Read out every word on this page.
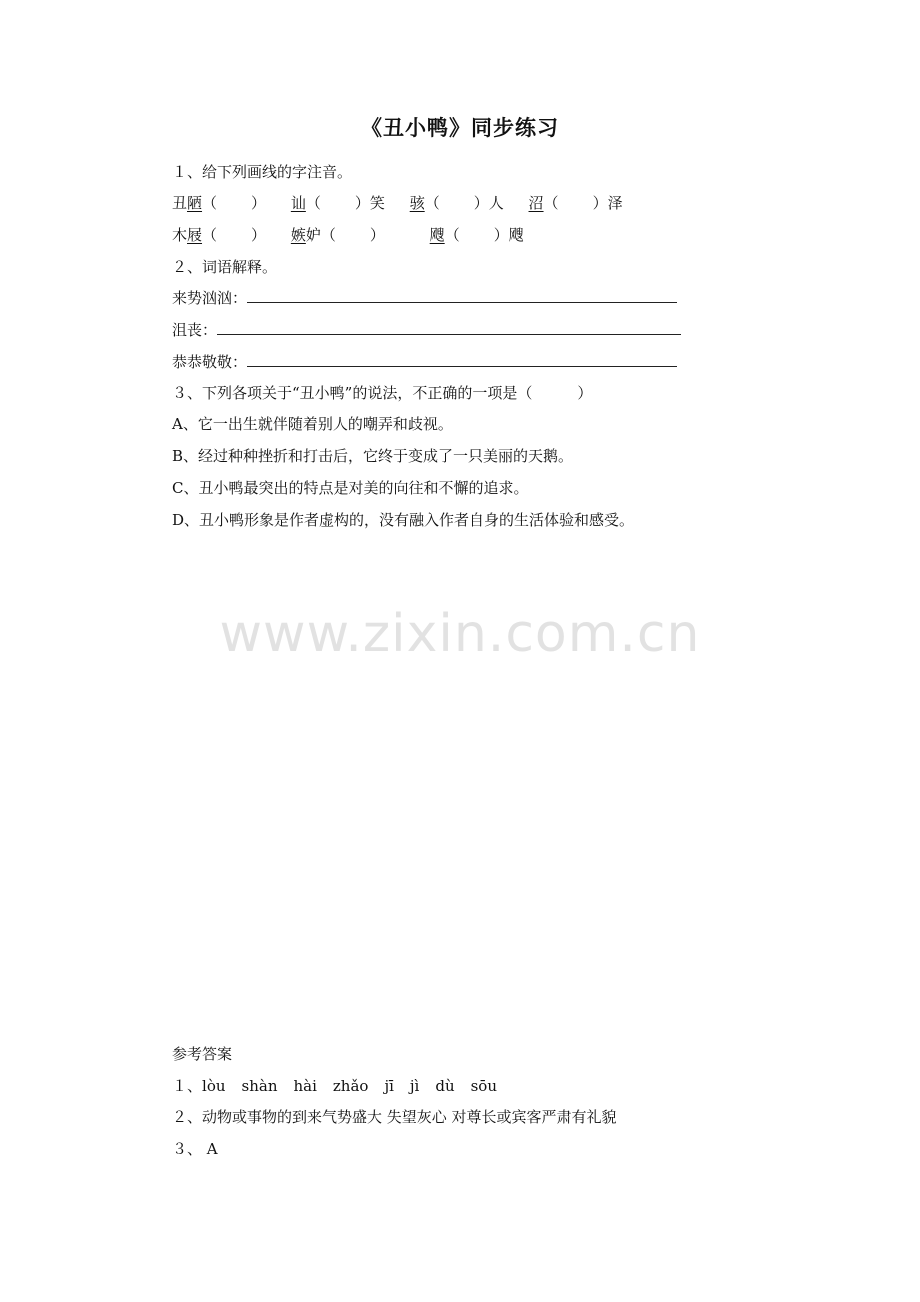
《丑小鸭》同步练习
１、给下列画线的字注音。
丑陋（ ） 讪（ ）笑 骇（ ）人 沼（ ）泽
木屐（ ） 嫉妒（ ）	飕（ ）飕
２、词语解释。
来势汹汹：
沮丧：
恭恭敬敬：
３、下列各项关于“丑小鸭”的说法，不正确的一项是（　　　）
A、它一出生就伴随着别人的嘲弄和歧视。
B、经过种种挫折和打击后，它终于变成了一只美丽的天鹅。
C、丑小鸭最突出的特点是对美的向往和不懈的追求。
D、丑小鸭形象是作者虚构的，没有融入作者自身的生活体验和感受。
www.zixin.com.cn
参考答案
１、lòu shàn hài zhǎo jī jì dù sōu
２、动物或事物的到来气势盛大 失望灰心 对尊长或宾客严肃有礼貌
３、 A
